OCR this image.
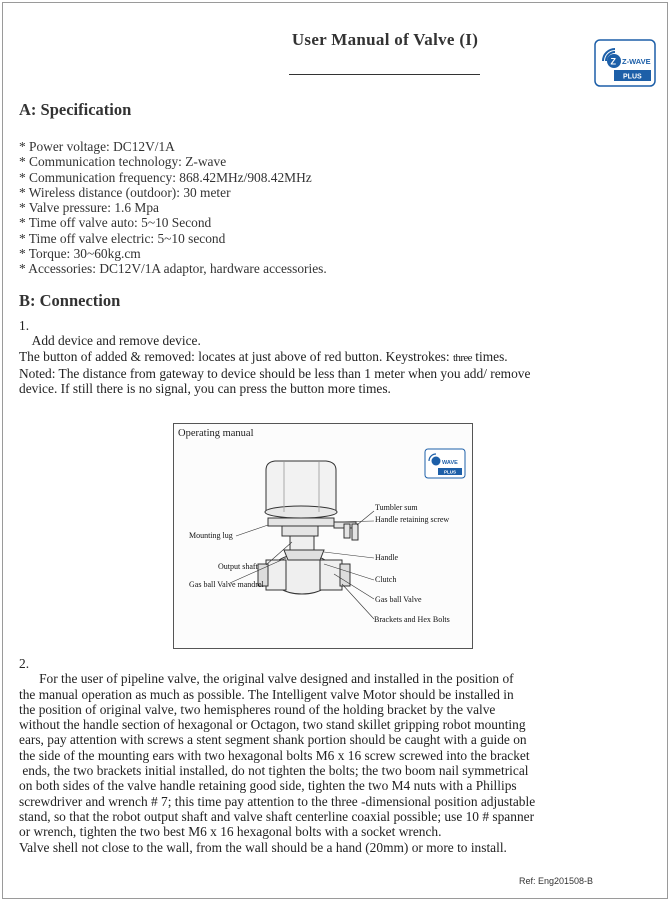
User Manual of Valve (I)
Z Z-WAVE
PLUS
A: Specification
* Power voltage: DC12V/1A
* Communication technology: Z-wave
* Communication frequency: 868.42MHz/908.42MHz
* Wireless distance (outdoor): 30 meter
* Valve pressure: 1.6 Mpa
* Time off valve auto: 5~10 Second
* Time off valve electric: 5~10 second
* Torque: 30~60kg.cm
* Accessories: DC12V/1A adaptor, hardware accessories.
B: Connection
1.
Add device and remove device.
The button of added & removed: locates at just above of red button. Keystrokes: three times.
Noted: The distance from gateway to device should be less than 1 meter when you add/ remove
device. If still there is no signal, you can press the button more times.
Operating manual
WAVE
PLUS
Tumbler sum
Handle retaining screw
Mounting lug
Output shaft
Gas ball Valve mandrel
Handle
Clutch
Gas ball Valve
Brackets and Hex Bolts
2.
For the user of pipeline valve, the original valve designed and installed in the position of
the manual operation as much as possible. The Intelligent valve Motor should be installed in
the position of original valve, two hemispheres round of the holding bracket by the valve
without the handle section of hexagonal or Octagon, two stand skillet gripping robot mounting
ears, pay attention with screws a stent segment shank portion should be caught with a guide on
the side of the mounting ears with two hexagonal bolts M6 x 16 screw screwed into the bracket
ends, the two brackets initial installed, do not tighten the bolts; the two boom nail symmetrical
on both sides of the valve handle retaining good side, tighten the two M4 nuts with a Phillips
screwdriver and wrench # 7; this time pay attention to the three -dimensional position adjustable
stand, so that the robot output shaft and valve shaft centerline coaxial possible; use 10 # spanner
or wrench, tighten the two best M6 x 16 hexagonal bolts with a socket wrench.
Valve shell not close to the wall, from the wall should be a hand (20mm) or more to install.
Ref: Eng201508-B
